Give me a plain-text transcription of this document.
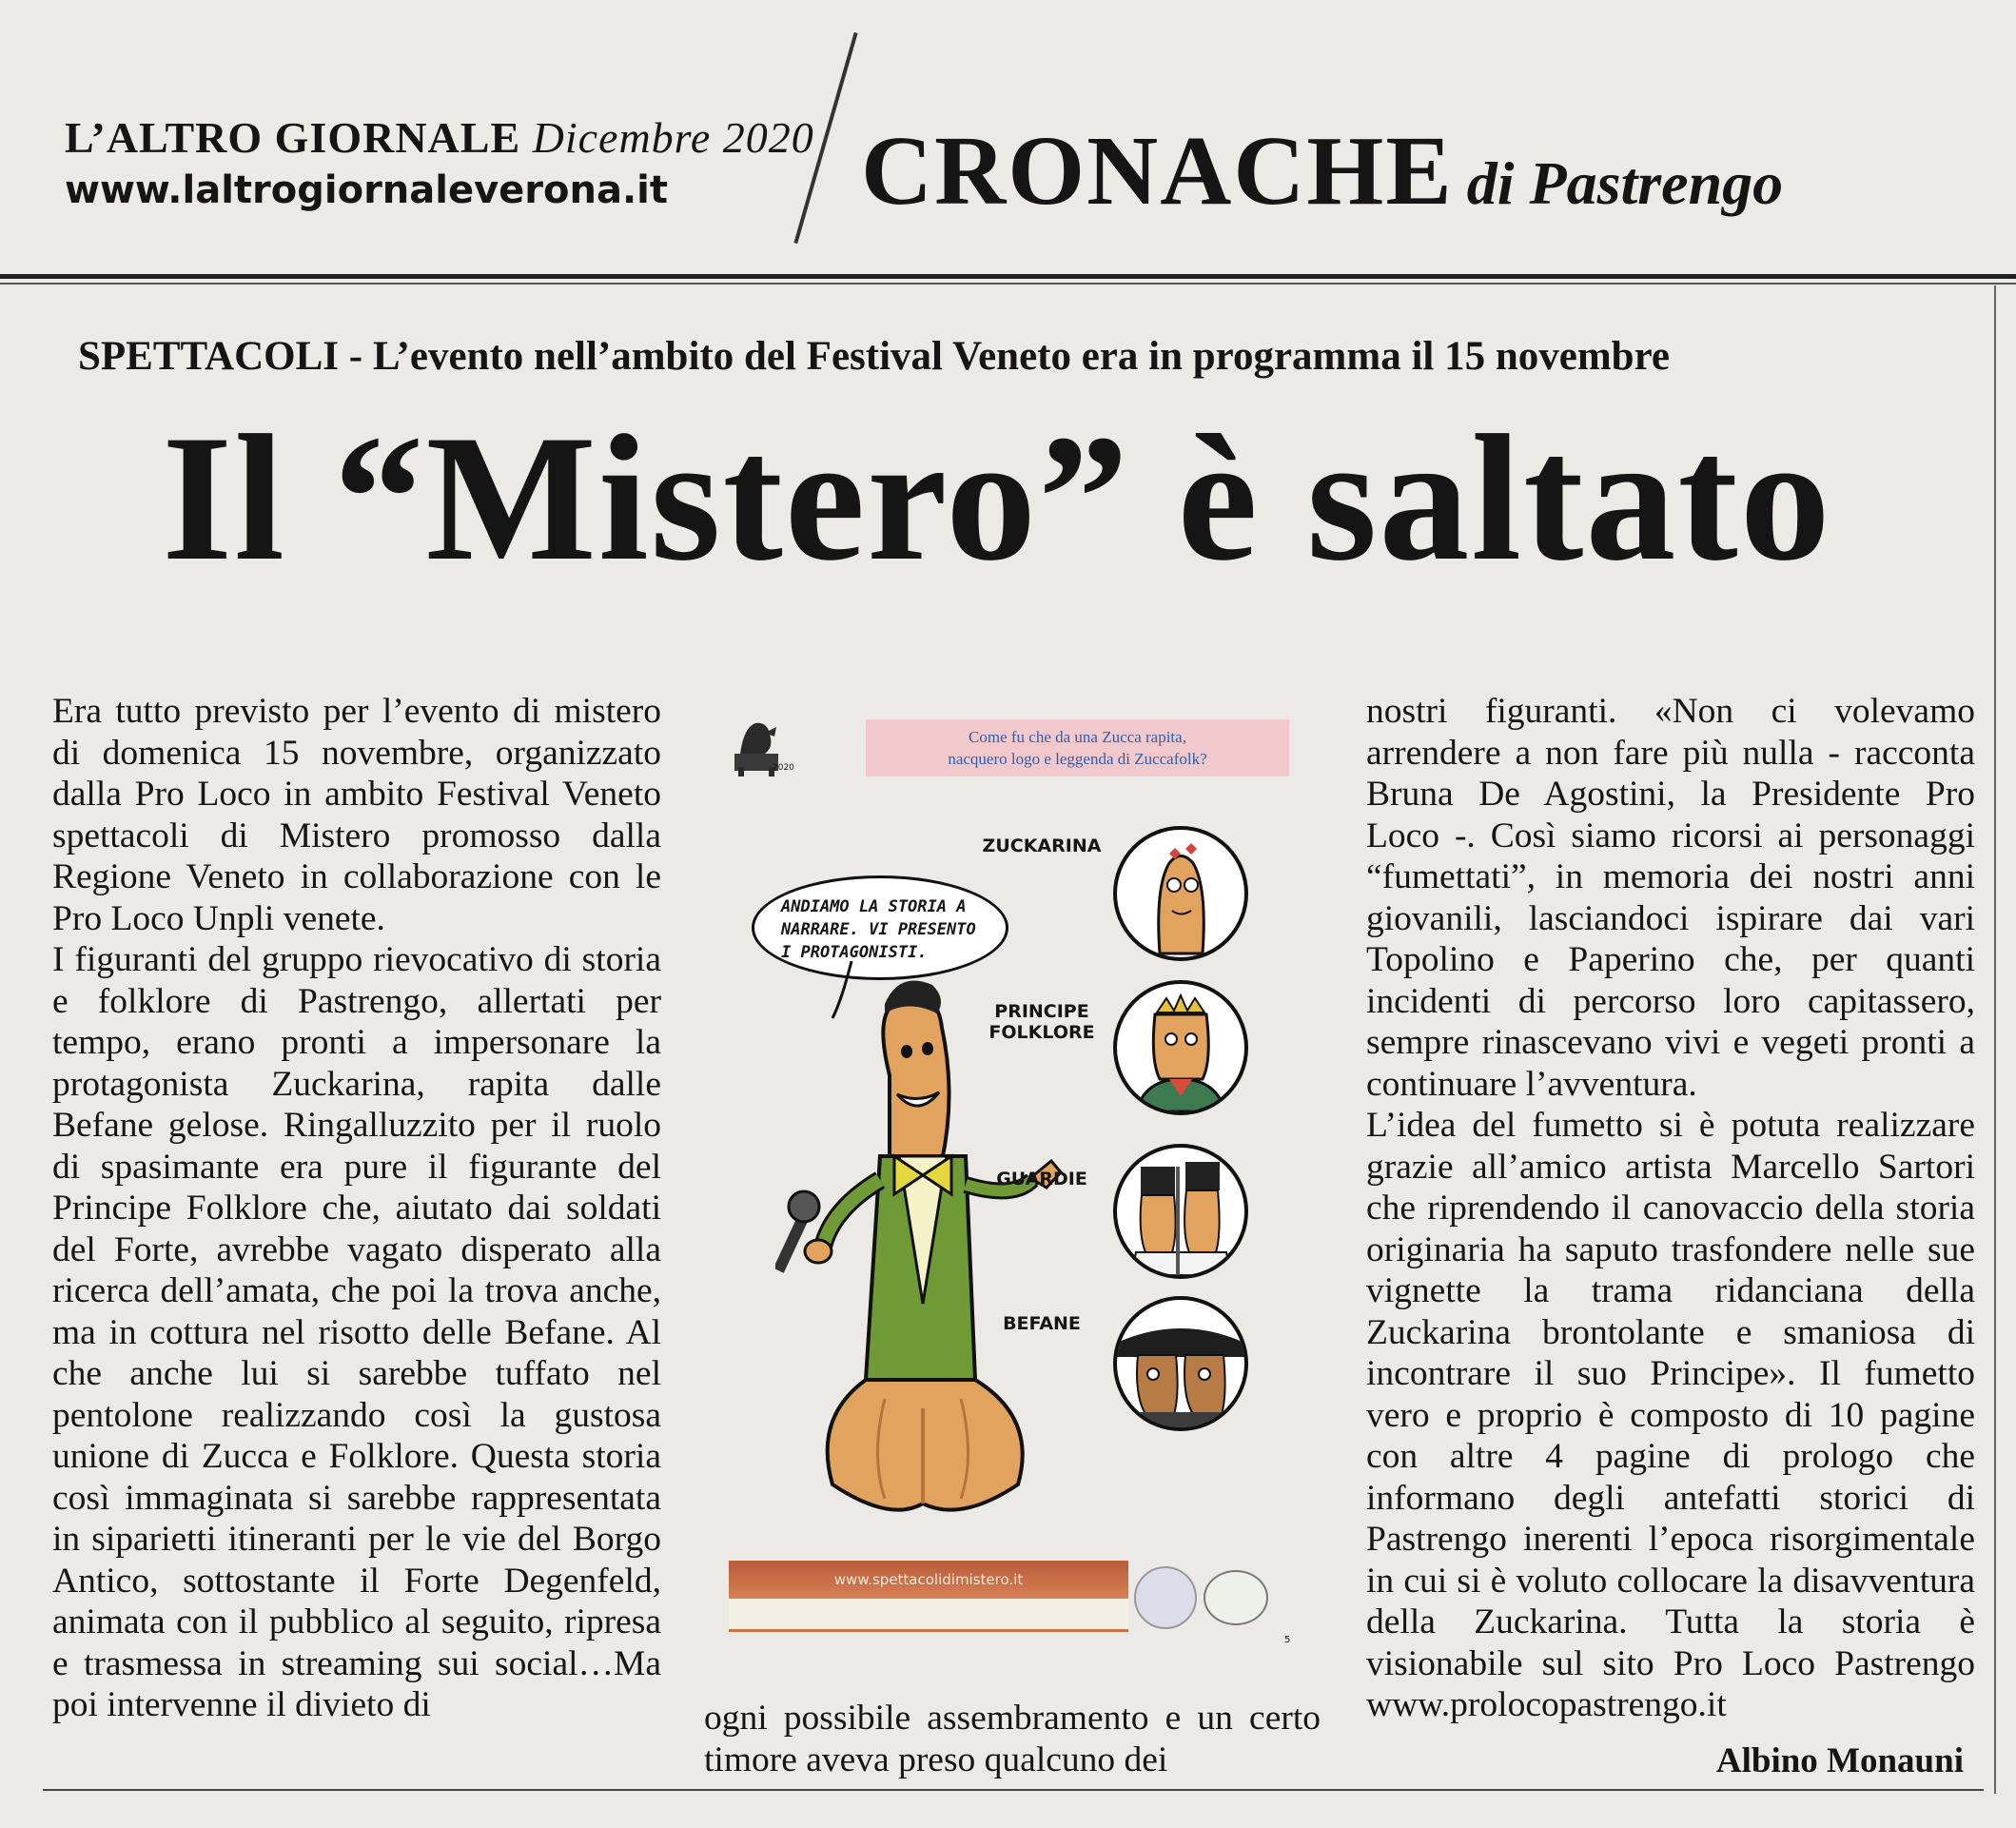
L’ALTRO GIORNALE Dicembre 2020
www.laltrogiornaleverona.it	CRONACHE di Pastrengo
SPETTACOLI - L’evento nell’ambito del Festival Veneto era in programma il 15 novembre
Il “Mistero” è saltato

Era tutto previsto per l’evento di mistero di domenica 15 novembre, organizzato dalla Pro Loco in ambito Festival Veneto spettacoli di Mistero promosso dalla Regione Veneto in collaborazione con le Pro Loco Unpli venete.

I figuranti del gruppo rievocativo di storia e folklore di Pastrengo, allertati per tempo, erano pronti a impersonare la protagonista Zuckarina, rapita dalle Befane gelose. Ringalluzzito per il ruolo di spasimante era pure il figurante del Principe Folklore che, aiutato dai soldati del Forte, avrebbe vagato disperato alla ricerca dell’amata, che poi la trova anche, ma in cottura nel risotto delle Befane. Al che anche lui si sarebbe tuffato nel pentolone realizzando così la gustosa unione di Zucca e Folklore. Questa storia così immaginata si sarebbe rappresentata in siparietti itineranti per le vie del Borgo Antico, sottostante il Forte Degenfeld, animata con il pubblico al seguito, ripresa e trasmessa in streaming sui social…Ma poi intervenne il divieto di

2020
Come fu che da una Zucca rapita,
nacquero logo e leggenda di Zuccafolk?
ANDIAMO LA STORIA A
NARRARE. VI PRESENTO
I PROTAGONISTI.
ZUCKARINA
PRINCIPE
FOLKLORE
GUARDIE
BEFANE
www.spettacolidimistero.it
5
ogni possibile assembramento e un certo timore aveva preso qualcuno dei

nostri figuranti. «Non ci volevamo arrendere a non fare più nulla - racconta Bruna De Agostini, la Presidente Pro Loco -. Così siamo ricorsi ai personaggi “fumettati”, in memoria dei nostri anni giovanili, lasciandoci ispirare dai vari Topolino e Paperino che, per quanti incidenti di percorso loro capitassero, sempre rinascevano vivi e vegeti pronti a continuare l’avventura.

L’idea del fumetto si è potuta realizzare grazie all’amico artista Marcello Sartori che riprendendo il canovaccio della storia originaria ha saputo trasfondere nelle sue vignette la trama ridanciana della Zuckarina brontolante e smaniosa di incontrare il suo Principe». Il fumetto vero e proprio è composto di 10 pagine con altre 4 pagine di prologo che informano degli antefatti storici di Pastrengo inerenti l’epoca risorgimentale in cui si è voluto collocare la disavventura della Zuckarina. Tutta la storia è visionabile sul sito Pro Loco Pastrengo www.prolocopastrengo.it

Albino Monauni
